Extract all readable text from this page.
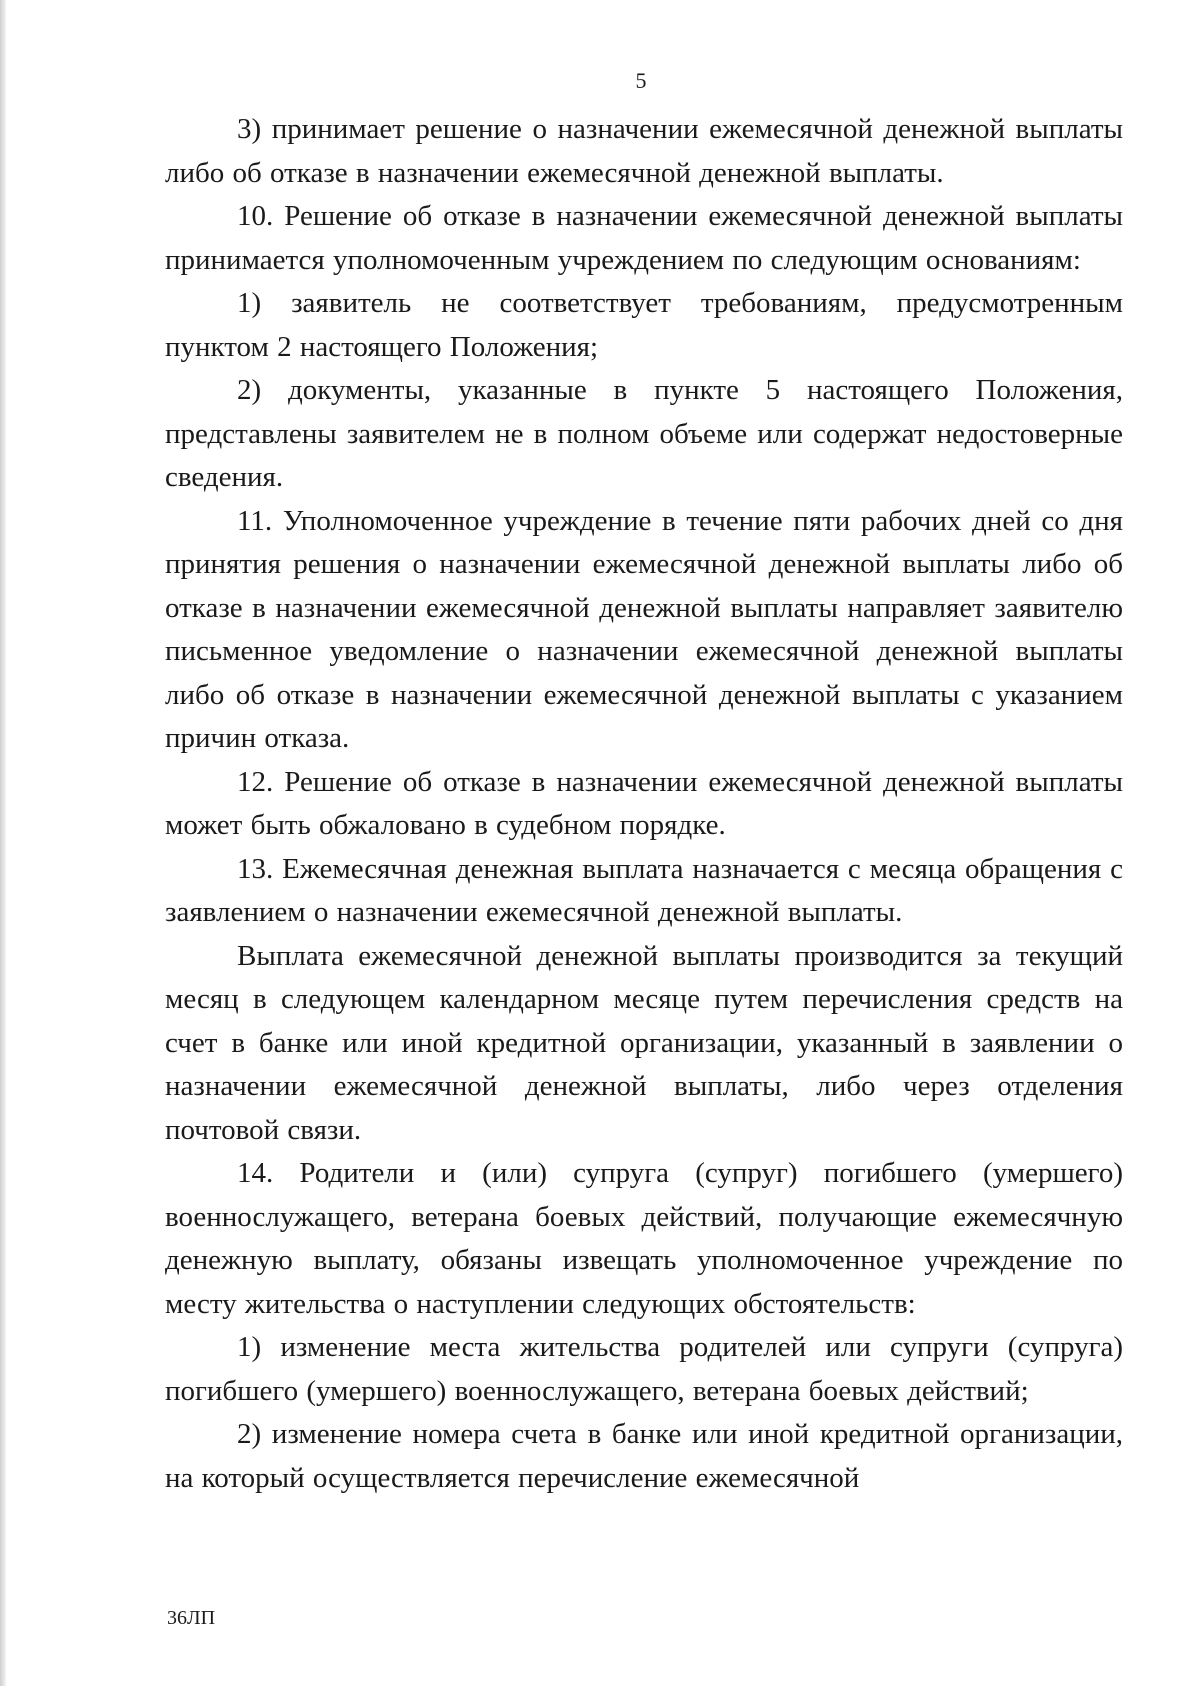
5

3) принимает решение о назначении ежемесячной денежной выплаты либо об отказе в назначении ежемесячной денежной выплаты.

10. Решение об отказе в назначении ежемесячной денежной выплаты принимается уполномоченным учреждением по следующим основаниям:

1) заявитель не соответствует требованиям, предусмотренным пунктом 2 настоящего Положения;

2) документы, указанные в пункте 5 настоящего Положения, представлены заявителем не в полном объеме или содержат недостоверные сведения.

11. Уполномоченное учреждение в течение пяти рабочих дней со дня принятия решения о назначении ежемесячной денежной выплаты либо об отказе в назначении ежемесячной денежной выплаты направляет заявителю письменное уведомление о назначении ежемесячной денежной выплаты либо об отказе в назначении ежемесячной денежной выплаты с указанием причин отказа.

12. Решение об отказе в назначении ежемесячной денежной выплаты может быть обжаловано в судебном порядке.

13. Ежемесячная денежная выплата назначается с месяца обращения с заявлением о назначении ежемесячной денежной выплаты.

Выплата ежемесячной денежной выплаты производится за текущий месяц в следующем календарном месяце путем перечисления средств на счет в банке или иной кредитной организации, указанный в заявлении о назначении ежемесячной денежной выплаты, либо через отделения почтовой связи.

14. Родители и (или) супруга (супруг) погибшего (умершего) военнослужащего, ветерана боевых действий, получающие ежемесячную денежную выплату, обязаны извещать уполномоченное учреждение по месту жительства о наступлении следующих обстоятельств:

1) изменение места жительства родителей или супруги (супруга) погибшего (умершего) военнослужащего, ветерана боевых действий;

2) изменение номера счета в банке или иной кредитной организации, на который осуществляется перечисление ежемесячной

36ЛП
